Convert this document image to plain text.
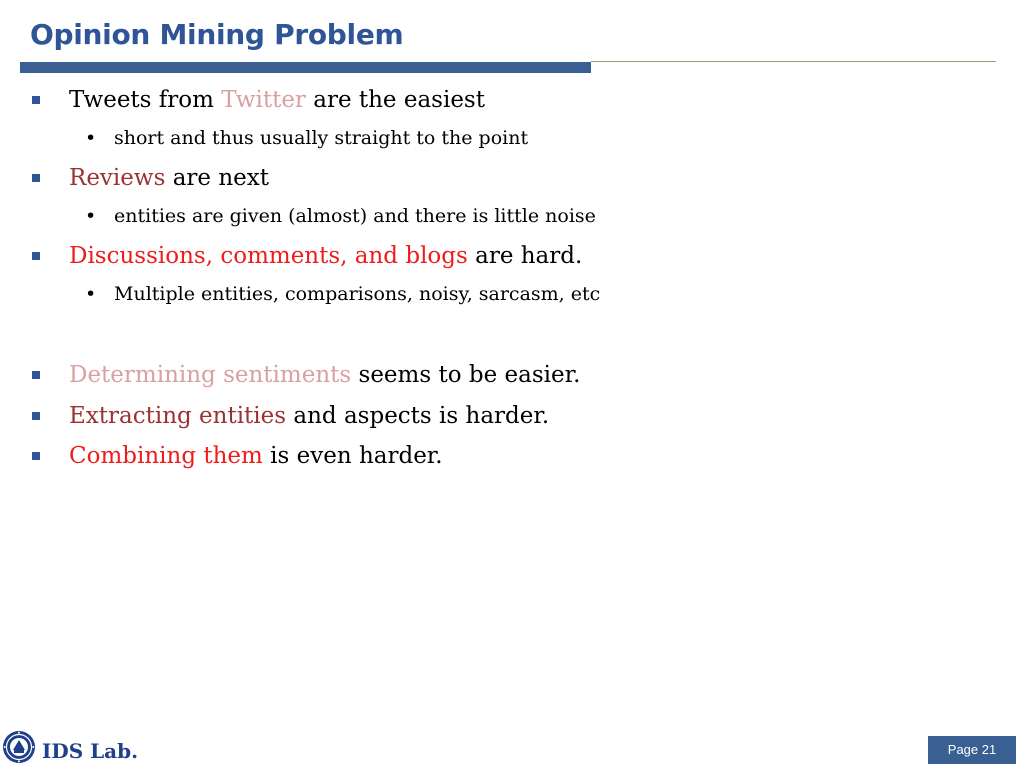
Opinion Mining Problem
Tweets from Twitter are the easiest
• short and thus usually straight to the point
Reviews are next
• entities are given (almost) and there is little noise
Discussions, comments, and blogs are hard.
• Multiple entities, comparisons, noisy, sarcasm, etc
Determining sentiments seems to be easier.
Extracting entities and aspects is harder.
Combining them is even harder.
IDS Lab.	Page 21
